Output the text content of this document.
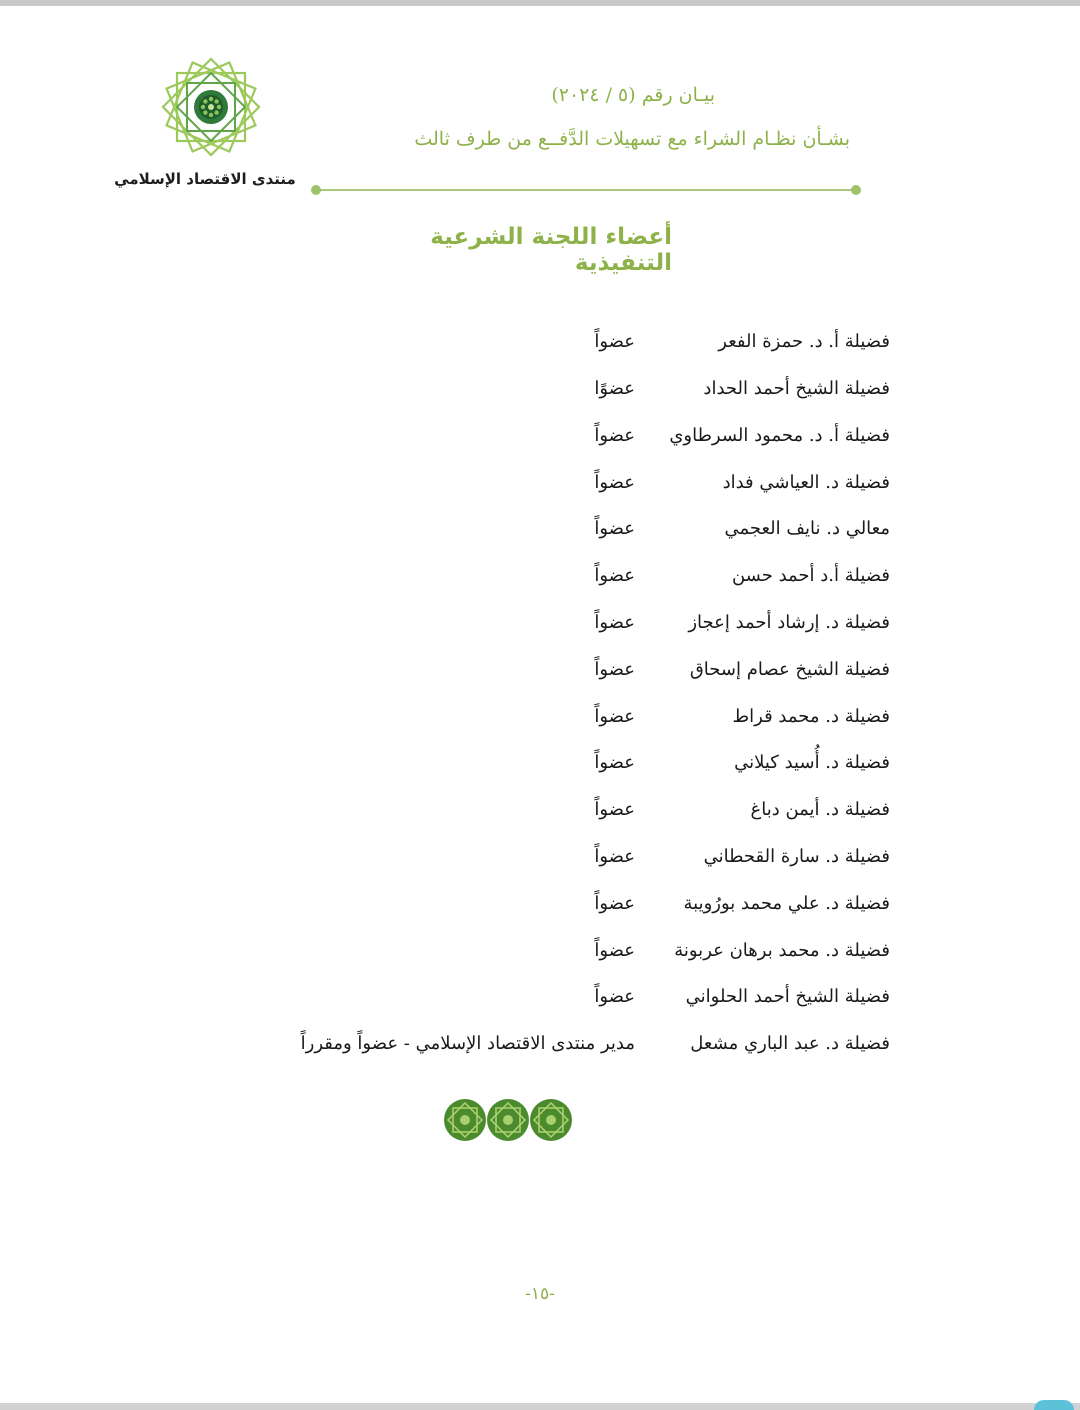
منتدى الاقتصاد الإسلامي
بيـان رقم (٥ / ٢٠٢٤)
بشـأن نظـام الشراء مع تسهيلات الدَّفــع من طرف ثالث
أعضاء اللجنة الشرعية التنفيذية
فضيلة أ. د. حمزة الفعر
عضواً
فضيلة الشيخ أحمد الحداد
عضوًا
فضيلة أ. د. محمود السرطاوي
عضواً
فضيلة د. العياشي فداد
عضواً
معالي د. نايف العجمي
عضواً
فضيلة أ.د أحمد حسن
عضواً
فضيلة د. إرشاد أحمد إعجاز
عضواً
فضيلة الشيخ عصام إسحاق
عضواً
فضيلة د. محمد قراط
عضواً
فضيلة د. أُسيد كيلاني
عضواً
فضيلة د. أيمن دباغ
عضواً
فضيلة د. سارة القحطاني
عضواً
فضيلة د. علي محمد بورُويبة
عضواً
فضيلة د. محمد برهان عربونة
عضواً
فضيلة الشيخ أحمد الحلواني
عضواً
فضيلة د. عبد الباري مشعل
مدير منتدى الاقتصاد الإسلامي - عضواً ومقرراً
-١٥-
